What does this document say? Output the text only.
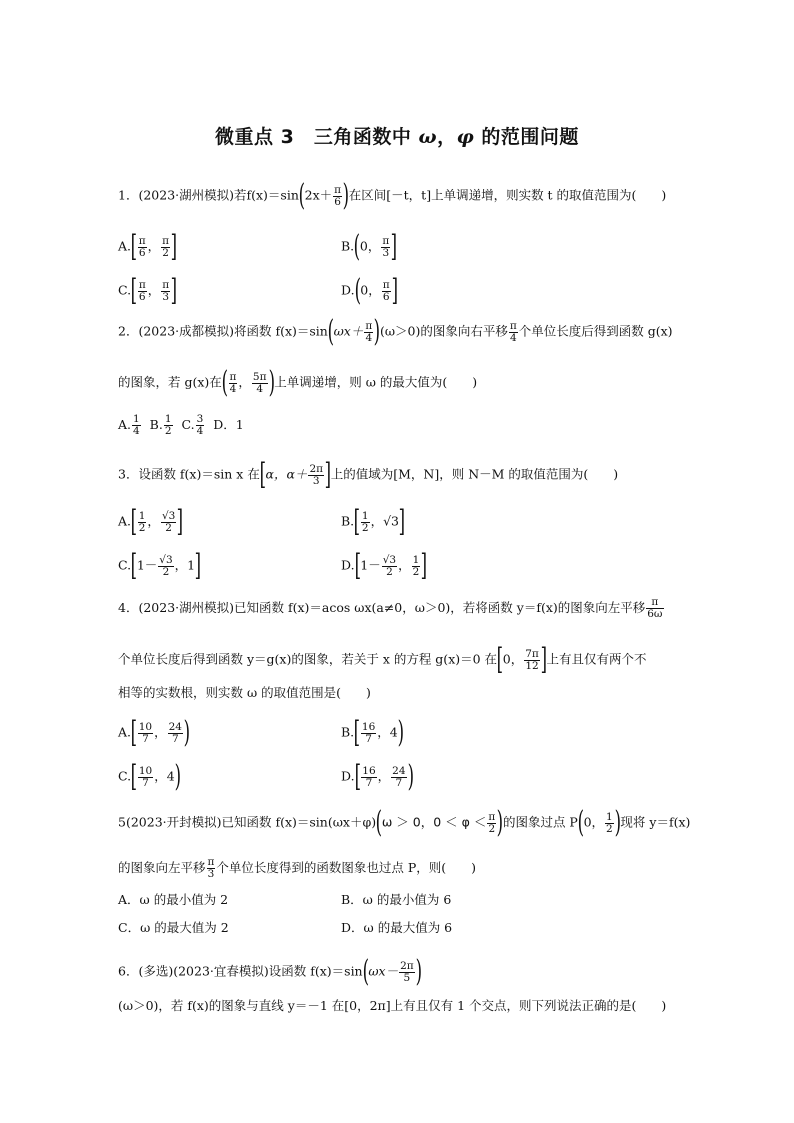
微重点 3　三角函数中 ω，φ 的范围问题
1．(2023·湖州模拟)若$f(x)=\sin(2x+ \frac{\pi}{6}$ )在区间[－t，t]上单调递增，则实数 t 的取值范围为(　　)
$A.[ \frac{\pi}{6}$ ， $\frac{\pi}{2}$ ]	B.(0， $\frac{\pi}{3}$ ]
$C.[ \frac{\pi}{6}$ ， $\frac{\pi}{3}$ ]	D.(0， $\frac{\pi}{6}$ ]
2．(2023·成都模拟)将函数 $f(x)=\sin(\omega x+ \frac{\pi}{4} )(\omega>0)$的图象向右平移 $\frac{\pi}{4}$ 个单位长度后得到函数 g(x)
的图象，若 g(x)在( $\frac{\pi}{4}$ ， $\frac{5\pi}{4}$ )上单调递增，则 ω 的最大值为(　　)
A. $\frac{1}{4} B$. $\frac{1}{2} C$. $\frac{3}{4}$ D．1
3．设函数 f(x)＝sin x 在[α，$\alpha+ \frac{2\pi}{3}$ ]上的值域为[M，N]，则 N－M 的取值范围为(　　)
$A.[ \frac{1}{2}$ ， $\frac{√3}{2}$ ]	$B.[ \frac{1}{2}$ ，√3]
$C.[1- \frac{√3}{2}$ ，1]	$D.[1- \frac{√3}{2}$ ， $\frac{1}{2}$ ]
4．(2023·湖州模拟)已知函数 f(x)＝acos ωx(a≠0，ω＞0)，若将函数 y＝f(x)的图象向左平移 $\frac{\pi}{6\omega}$
个单位长度后得到函数 y＝g(x)的图象，若关于 x 的方程 g(x)＝0 在[0， $\frac{7\pi}{12}$ ]上有且仅有两个不
相等的实数根，则实数 ω 的取值范围是(　　)
$A.[ \frac{10}{7}$ ， $\frac{24}{7}$ )	$B.[ \frac{16}{7}$ ，4)
$C.[ \frac{10}{7}$ ，4)	$D.[ \frac{16}{7}$ ， $\frac{24}{7}$ )
5(2023·开封模拟)已知函数 f(x)＝sin(ωx＋φ)(ω ＞ 0，$0 < \varphi < \frac{\pi}{2}$ )的图象过点 P(0， $\frac{1}{2}$ )现将 y＝f(x)
的图象向左平移 $\frac{\pi}{3}$ 个单位长度得到的函数图象也过点 P，则(　　)
A．ω 的最小值为 2	B．ω 的最小值为 6
C．ω 的最大值为 2	D．ω 的最大值为 6
6．(多选)(2023·宜春模拟)设函数 $f(x)=\sin(\omega x- \frac{2\pi}{5}$ )
(ω＞0)，若 f(x)的图象与直线 y＝－1 在[0，2π]上有且仅有 1 个交点，则下列说法正确的是(　　)
